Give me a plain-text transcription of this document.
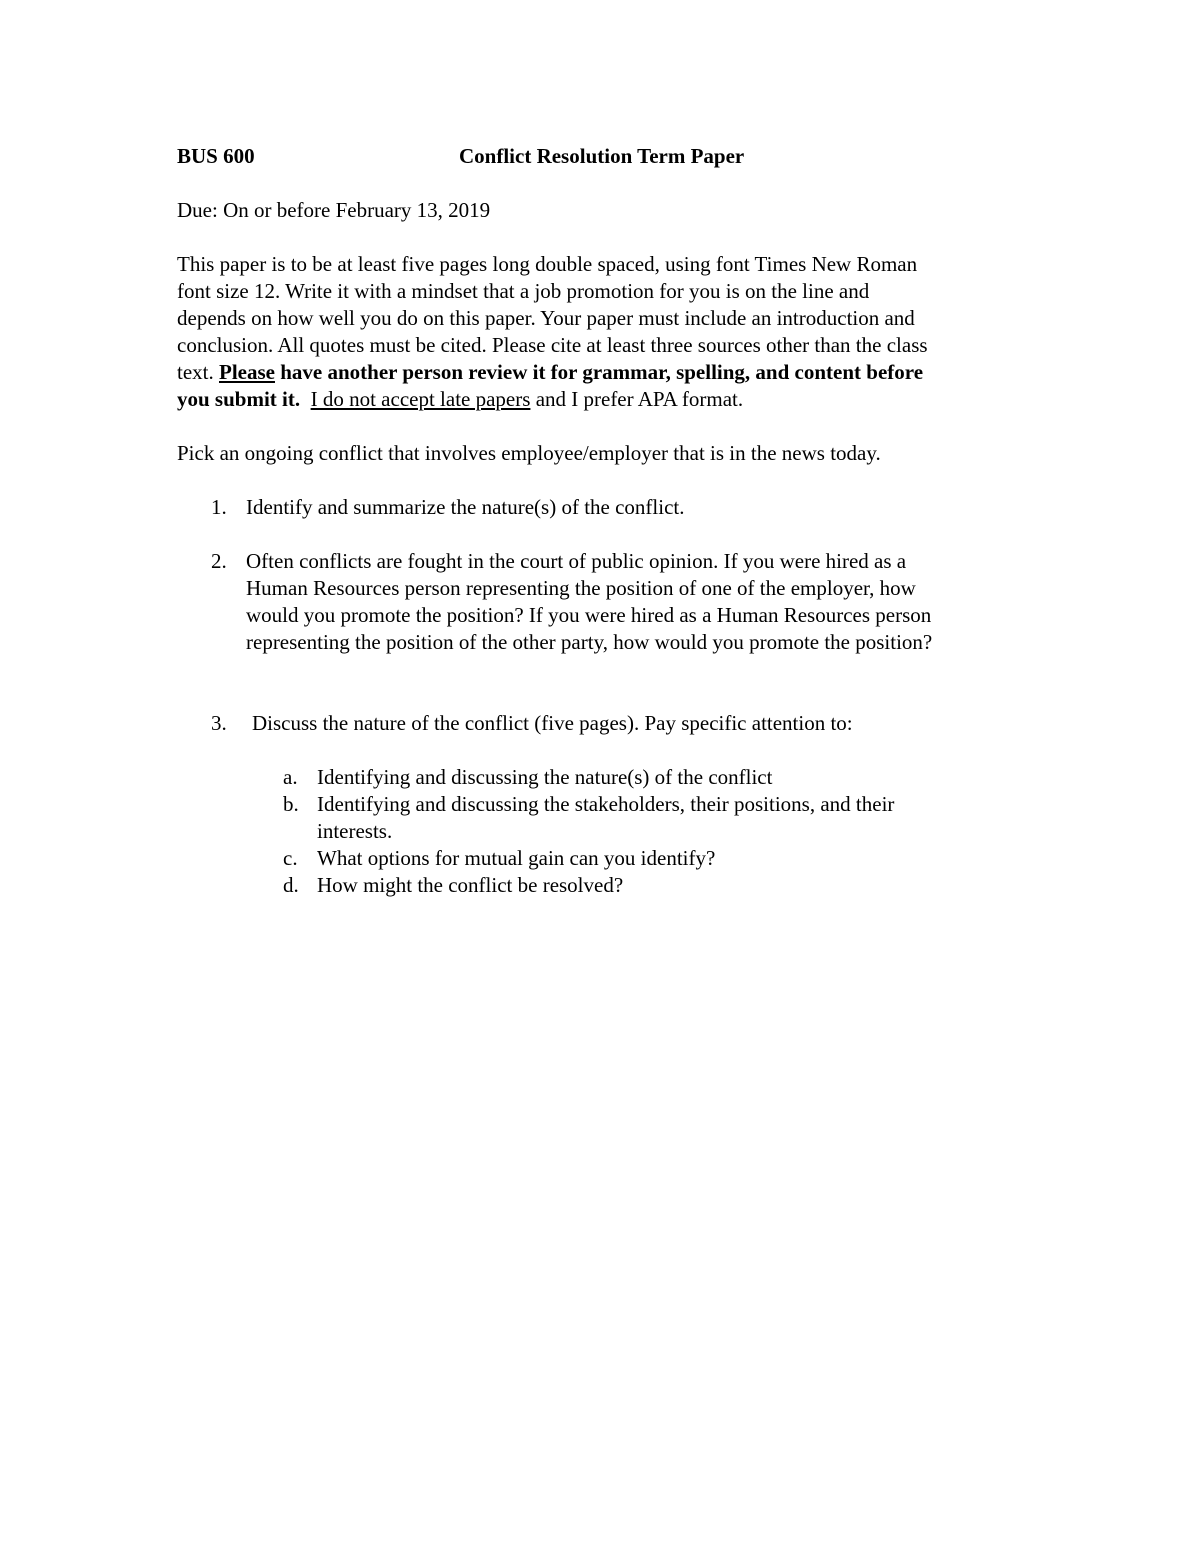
BUS 600	Conflict Resolution Term Paper
Due: On or before February 13, 2019
This paper is to be at least five pages long double spaced, using font Times New Roman
font size 12. Write it with a mindset that a job promotion for you is on the line and
depends on how well you do on this paper. Your paper must include an introduction and
conclusion. All quotes must be cited. Please cite at least three sources other than the class
text. Please have another person review it for grammar, spelling, and content before
you submit it. I do not accept late papers and I prefer APA format.
Pick an ongoing conflict that involves employee/employer that is in the news today.
1. Identify and summarize the nature(s) of the conflict.
2. Often conflicts are fought in the court of public opinion. If you were hired as a
Human Resources person representing the position of one of the employer, how
would you promote the position? If you were hired as a Human Resources person
representing the position of the other party, how would you promote the position?
3. Discuss the nature of the conflict (five pages). Pay specific attention to:
a. Identifying and discussing the nature(s) of the conflict
b. Identifying and discussing the stakeholders, their positions, and their
interests.
c. What options for mutual gain can you identify?
d. How might the conflict be resolved?
